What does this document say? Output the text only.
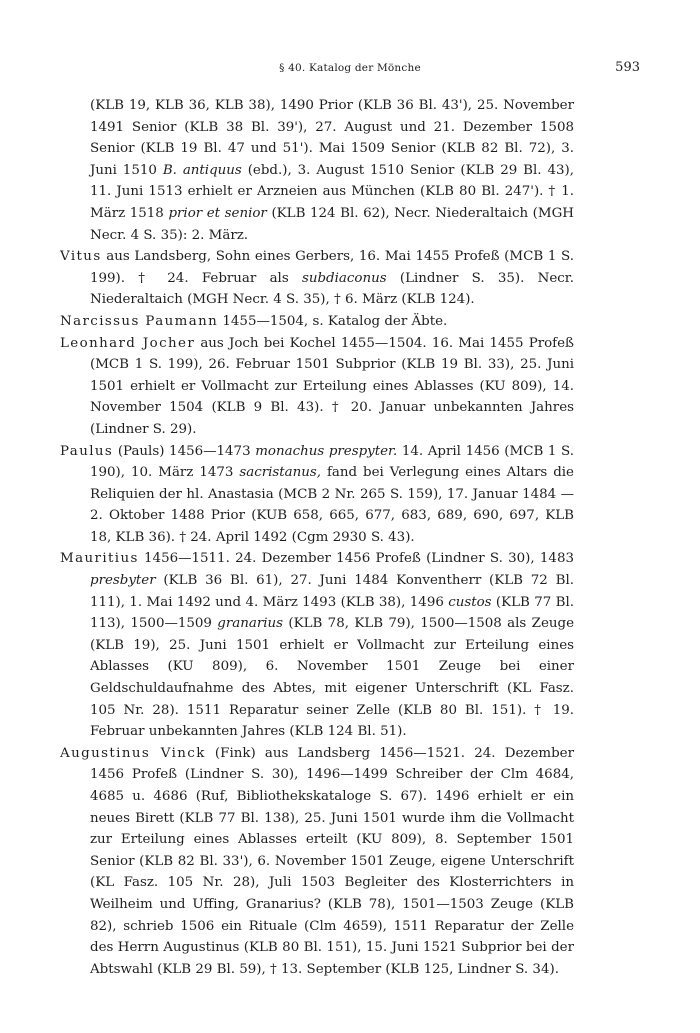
§ 40. Katalog der Mönche	593

(KLB 19, KLB 36, KLB 38), 1490 Prior (KLB 36 Bl. 43'), 25. November 1491 Senior (KLB 38 Bl. 39'), 27. August und 21. Dezember 1508 Senior (KLB 19 Bl. 47 und 51'). Mai 1509 Senior (KLB 82 Bl. 72), 3. Juni 1510 B. antiquus (ebd.), 3. August 1510 Senior (KLB 29 Bl. 43), 11. Juni 1513 erhielt er Arzneien aus München (KLB 80 Bl. 247'). † 1. März 1518 prior et senior (KLB 124 Bl. 62), Necr. Niederaltaich (MGH Necr. 4 S. 35): 2. März.

Vitus aus Landsberg, Sohn eines Gerbers, 16. Mai 1455 Profeß (MCB 1 S. 199). † 24. Februar als subdiaconus (Lindner S. 35). Necr. Niederaltaich (MGH Necr. 4 S. 35), † 6. März (KLB 124).

Narcissus Paumann 1455—1504, s. Katalog der Äbte.

Leonhard Jocher aus Joch bei Kochel 1455—1504. 16. Mai 1455 Profeß (MCB 1 S. 199), 26. Februar 1501 Subprior (KLB 19 Bl. 33), 25. Juni 1501 erhielt er Vollmacht zur Erteilung eines Ablasses (KU 809), 14. November 1504 (KLB 9 Bl. 43). † 20. Januar unbekannten Jahres (Lindner S. 29).

Paulus (Pauls) 1456—1473 monachus prespyter. 14. April 1456 (MCB 1 S. 190), 10. März 1473 sacristanus, fand bei Verlegung eines Altars die Reliquien der hl. Anastasia (MCB 2 Nr. 265 S. 159), 17. Januar 1484 — 2. Oktober 1488 Prior (KUB 658, 665, 677, 683, 689, 690, 697, KLB 18, KLB 36). † 24. April 1492 (Cgm 2930 S. 43).

Mauritius 1456—1511. 24. Dezember 1456 Profeß (Lindner S. 30), 1483 presbyter (KLB 36 Bl. 61), 27. Juni 1484 Konventherr (KLB 72 Bl. 111), 1. Mai 1492 und 4. März 1493 (KLB 38), 1496 custos (KLB 77 Bl. 113), 1500—1509 granarius (KLB 78, KLB 79), 1500—1508 als Zeuge (KLB 19), 25. Juni 1501 erhielt er Vollmacht zur Erteilung eines Ablasses (KU 809), 6. November 1501 Zeuge bei einer Geldschuldaufnahme des Abtes, mit eigener Unterschrift (KL Fasz. 105 Nr. 28). 1511 Reparatur seiner Zelle (KLB 80 Bl. 151). † 19. Februar unbekannten Jahres (KLB 124 Bl. 51).

Augustinus Vinck (Fink) aus Landsberg 1456—1521. 24. Dezember 1456 Profeß (Lindner S. 30), 1496—1499 Schreiber der Clm 4684, 4685 u. 4686 (Ruf, Bibliothekskataloge S. 67). 1496 erhielt er ein neues Birett (KLB 77 Bl. 138), 25. Juni 1501 wurde ihm die Vollmacht zur Erteilung eines Ablasses erteilt (KU 809), 8. September 1501 Senior (KLB 82 Bl. 33'), 6. November 1501 Zeuge, eigene Unterschrift (KL Fasz. 105 Nr. 28), Juli 1503 Begleiter des Klosterrichters in Weilheim und Uffing, Granarius? (KLB 78), 1501—1503 Zeuge (KLB 82), schrieb 1506 ein Rituale (Clm 4659), 1511 Reparatur der Zelle des Herrn Augustinus (KLB 80 Bl. 151), 15. Juni 1521 Subprior bei der Abtswahl (KLB 29 Bl. 59), † 13. September (KLB 125, Lindner S. 34).
